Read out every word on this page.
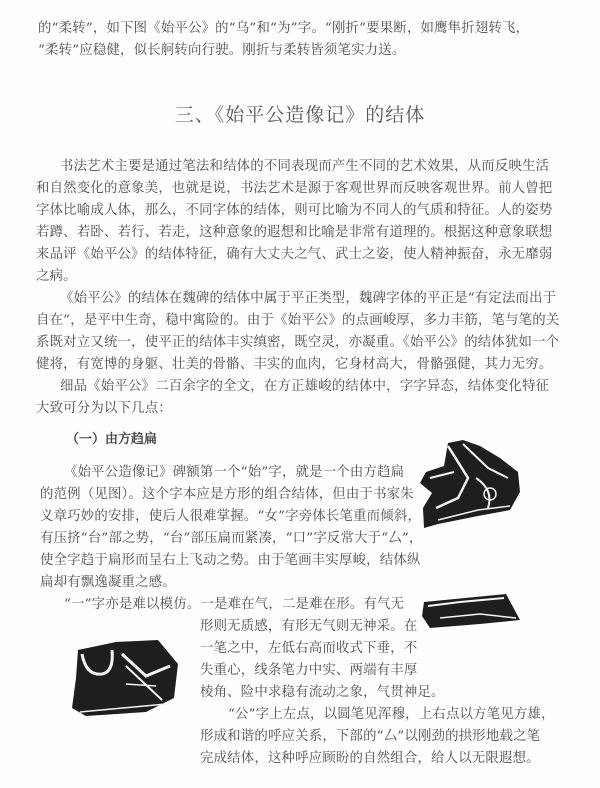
的“柔转”，如下图《始平公》的“乌”和“为”字。“刚折”要果断，如鹰隼折翅转飞，
“柔转”应稳健，似长舸转向行驶。刚折与柔转皆须笔实力送。
三、《始平公造像记》的结体
书法艺术主要是通过笔法和结体的不同表现而产生不同的艺术效果，从而反映生活
和自然变化的意象美，也就是说，书法艺术是源于客观世界而反映客观世界。前人曾把
字体比喻成人体，那么，不同字体的结体，则可比喻为不同人的气质和特征。人的姿势
若蹲、若卧、若行、若走，这种意象的遐想和比喻是非常有道理的。根据这种意象联想
来品评《始平公》的结体特征，确有大丈夫之气、武士之姿，使人精神振奋，永无靡弱
之病。
《始平公》的结体在魏碑的结体中属于平正类型，魏碑字体的平正是“有定法而出于
自在”，是平中生奇，稳中寓险的。由于《始平公》的点画峻厚，多力丰筋，笔与笔的关
系既对立又统一，使平正的结体丰实缜密，既空灵，亦凝重。《始平公》的结体犹如一个
健将，有宽博的身躯、壮美的骨骼、丰实的血肉，它身材高大，骨骼强健，其力无穷。
细品《始平公》二百余字的全文，在方正雄峻的结体中，字字异态，结体变化特征
大致可分为以下几点：
（一）由方趋扁
《始平公造像记》碑额第一个“始”字，就是一个由方趋扁
的范例（见图）。这个字本应是方形的组合结体，但由于书家朱
义章巧妙的安排，使后人很难掌握。“女”字旁体长笔重而倾斜，
有压挤“台”部之势，“台”部压扁而紧凑，“口”字反常大于“厶”，
使全字趋于扁形而呈右上飞动之势。由于笔画丰实厚峻，结体纵
扁却有飘逸凝重之感。
“一”字亦是难以模仿。一是难在气，二是难在形。有气无
形则无质感，有形无气则无神采。在
一笔之中，左低右高而收式下垂，不
失重心，线条笔力中实、两端有丰厚
棱角、险中求稳有流动之象，气贯神足。
“公”字上左点，以圆笔见浑穆，上右点以方笔见方雄，
形成和谐的呼应关系，下部的“厶”以刚劲的拱形地载之笔
完成结体，这种呼应顾盼的自然组合，给人以无限遐想。
